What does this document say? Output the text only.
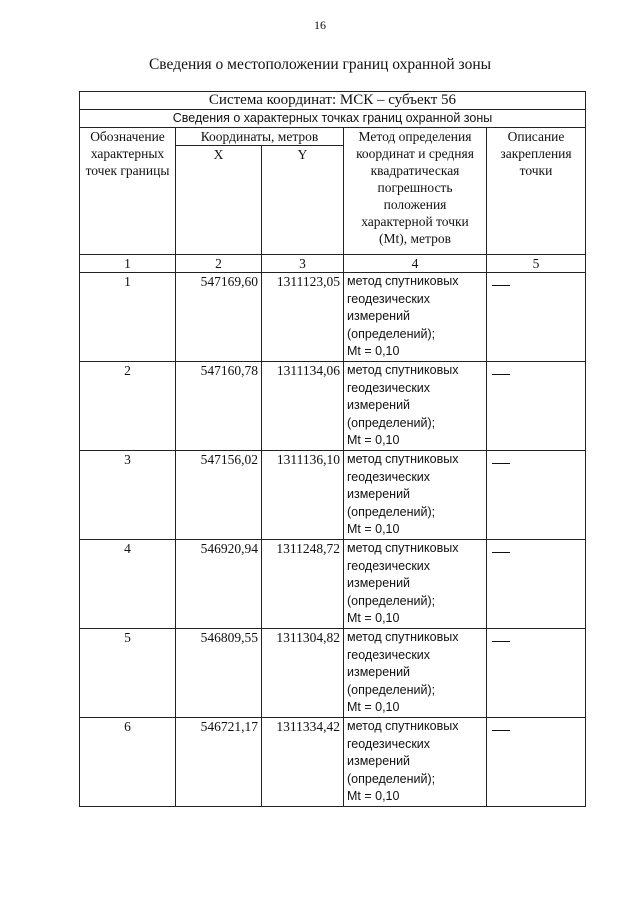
16
Сведения о местоположении границ охранной зоны
Система координат: МСК – субъект 56				
Сведения о характерных точках границ охранной зоны				
Обозначение характерных точек границы	Координаты, метров		Метод определения координат и средняя квадратическая погрешность положения характерной точки (Mt), метров	Описание закрепления точки
	X	Y		
1	2	3	4	5
1	547169,60	1311123,05	метод спутниковых
геодезических
измерений
(определений);
Mt = 0,10	

2	547160,78	1311134,06	метод спутниковых
геодезических
измерений
(определений);
Mt = 0,10	

3	547156,02	1311136,10	метод спутниковых
геодезических
измерений
(определений);
Mt = 0,10	

4	546920,94	1311248,72	метод спутниковых
геодезических
измерений
(определений);
Mt = 0,10	

5	546809,55	1311304,82	метод спутниковых
геодезических
измерений
(определений);
Mt = 0,10	

6	546721,17	1311334,42	метод спутниковых
геодезических
измерений
(определений);
Mt = 0,10	
